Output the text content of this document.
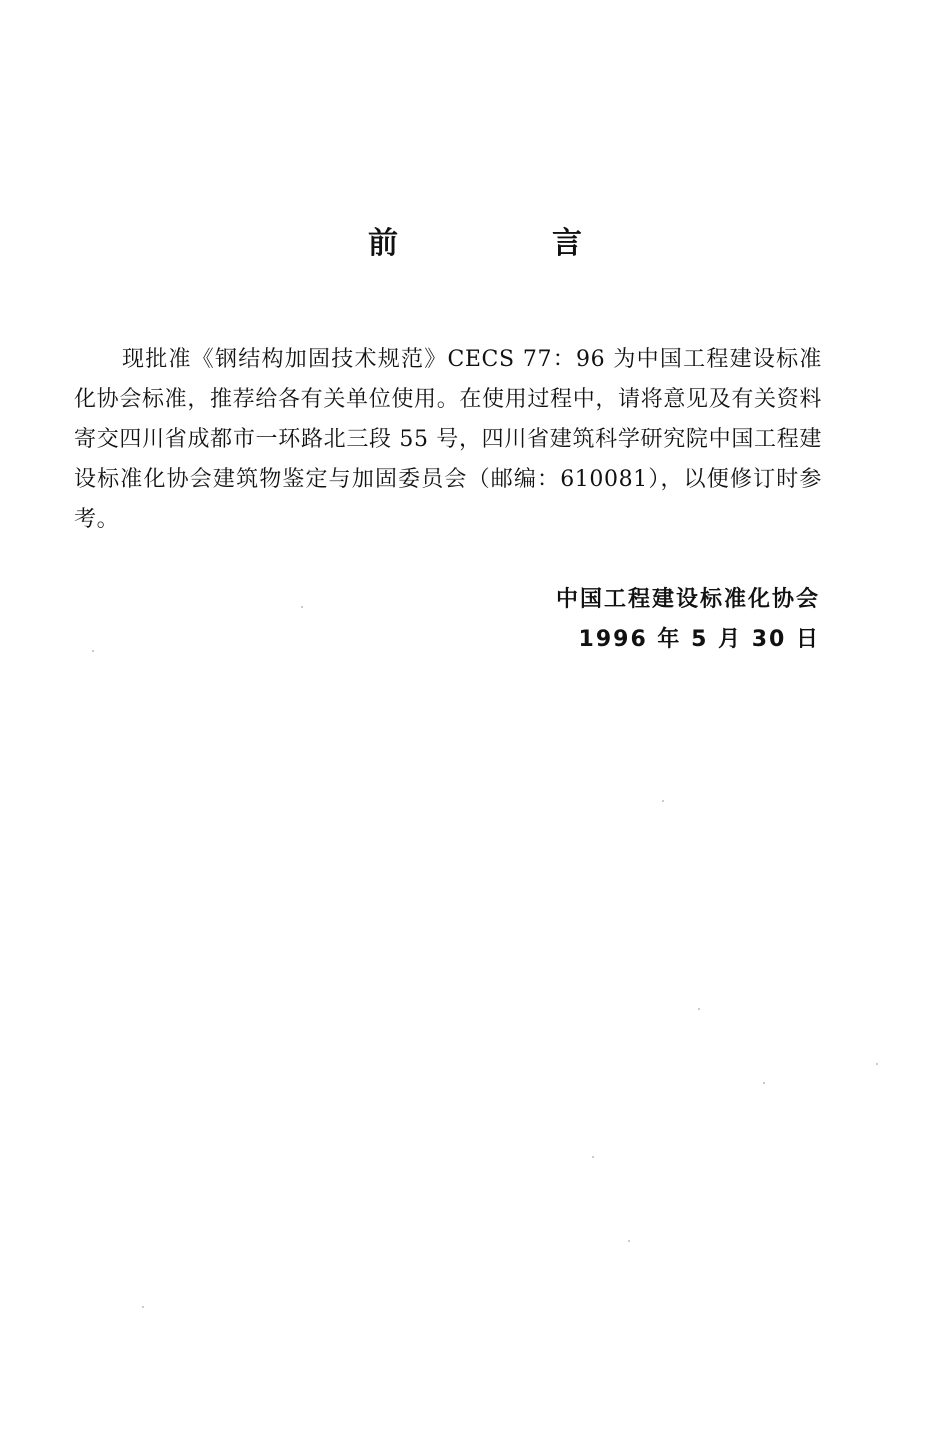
前　言
现批准《钢结构加固技术规范》CECS 77：96 为中国工程建设标准化协会标准，推荐给各有关单位使用。在使用过程中，请将意见及有关资料寄交四川省成都市一环路北三段 55 号，四川省建筑科学研究院中国工程建设标准化协会建筑物鉴定与加固委员会（邮编：610081），以便修订时参考。
中国工程建设标准化协会
1996 年 5 月 30 日
